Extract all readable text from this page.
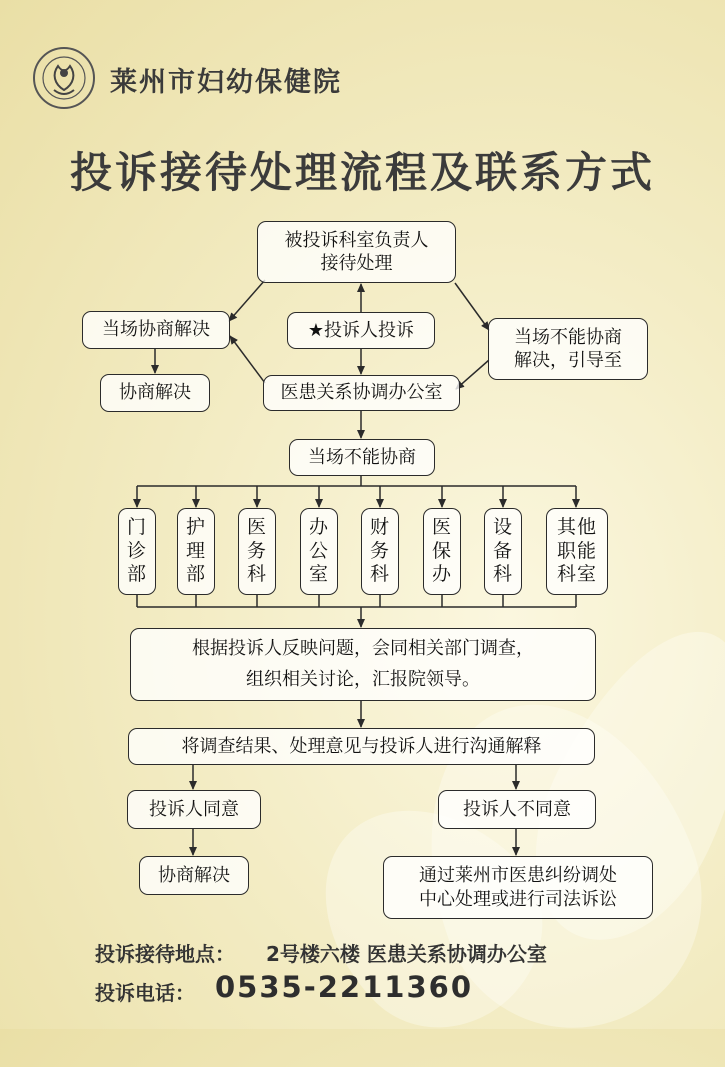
莱州市妇幼保健院
投诉接待处理流程及联系方式
被投诉科室负责人
接待处理
当场协商解决	★投诉人投诉	当场不能协商
解决，引导至
协商解决	医患关系协调办公室
当场不能协商
门
诊
部
护
理
部
医
务
科
办
公
室
财
务
科
医
保
办
设
备
科
其他
职能
科室
根据投诉人反映问题，会同相关部门调查，
组织相关讨论，汇报院领导。
将调查结果、处理意见与投诉人进行沟通解释
投诉人同意	投诉人不同意
协商解决	通过莱州市医患纠纷调处
中心处理或进行司法诉讼
投诉接待地点： 2号楼六楼 医患关系协调办公室
投诉电话： 0535-2211360
